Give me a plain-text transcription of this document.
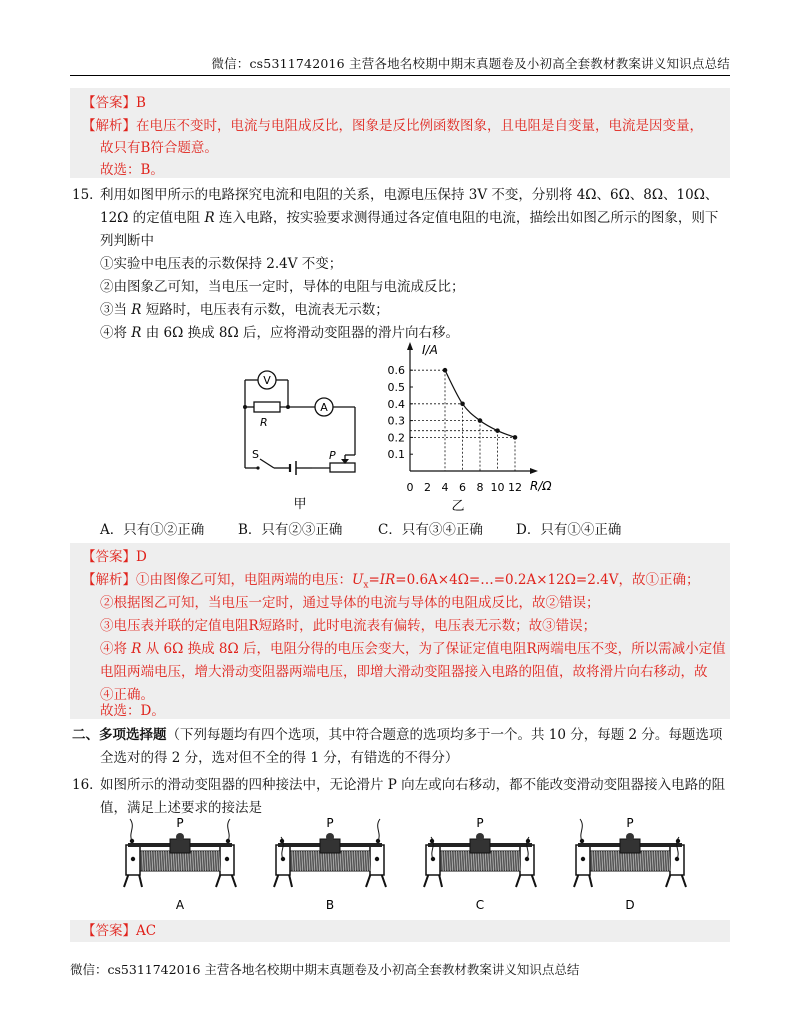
微信：cs5311742016 主营各地名校期中期末真题卷及小初高全套教材教案讲义知识点总结
【答案】B
【解析】在电压不变时，电流与电阻成反比，图象是反比例函数图象，且电阻是自变量，电流是因变量，
故只有B符合题意。
故选：B。
15．
利用如图甲所示的电路探究电流和电阻的关系，电源电压保持 3V 不变，分别将 4Ω、6Ω、8Ω、10Ω、
12Ω 的定值电阻 R 连入电路，按实验要求测得通过各定值电阻的电流，描绘出如图乙所示的图象，则下
列判断中
①实验中电压表的示数保持 2.4V 不变；
②由图象乙可知，当电压一定时，导体的电阻与电流成反比；
③当 R 短路时，电压表有示数，电流表无示数；
④将 R 由 6Ω 换成 8Ω 后，应将滑动变阻器的滑片向右移。
V
A
R
S	P
甲
I/A
R/Ω
乙
0 2 4 6 8 10 12
0.1
0.2
0.3
0.4
0.5
0.6
A．只有①②正确	B．只有②③正确	C．只有③④正确 D．只有①④正确
【答案】D
【解析】①由图像乙可知，电阻两端的电压：$U_x=IR=0.6A\times 4\Omega=\dots=0.2A\times 12\Omega=2.4V$，故①正确；
②根据图乙可知，当电压一定时，通过导体的电流与导体的电阻成反比，故②错误；
③电压表并联的定值电阻R短路时，此时电流表有偏转，电压表无示数；故③错误；
④将 R 从 6Ω 换成 8Ω 后，电阻分得的电压会变大，为了保证定值电阻R两端电压不变，所以需减小定值
电阻两端电压，增大滑动变阻器两端电压，即增大滑动变阻器接入电路的阻值，故将滑片向右移动，故
④正确。
故选：D。
二、多项选择题（下列每题均有四个选项，其中符合题意的选项均多于一个。共 10 分，每题 2 分。每题选项
全选对的得 2 分，选对但不全的得 1 分，有错选的不得分）
16．
如图所示的滑动变阻器的四种接法中，无论滑片 P 向左或向右移动，都不能改变滑动变阻器接入电路的阻
值，满足上述要求的接法是
P
A
P
B
P
C
P
D
【答案】AC
微信：cs5311742016 主营各地名校期中期末真题卷及小初高全套教材教案讲义知识点总结
